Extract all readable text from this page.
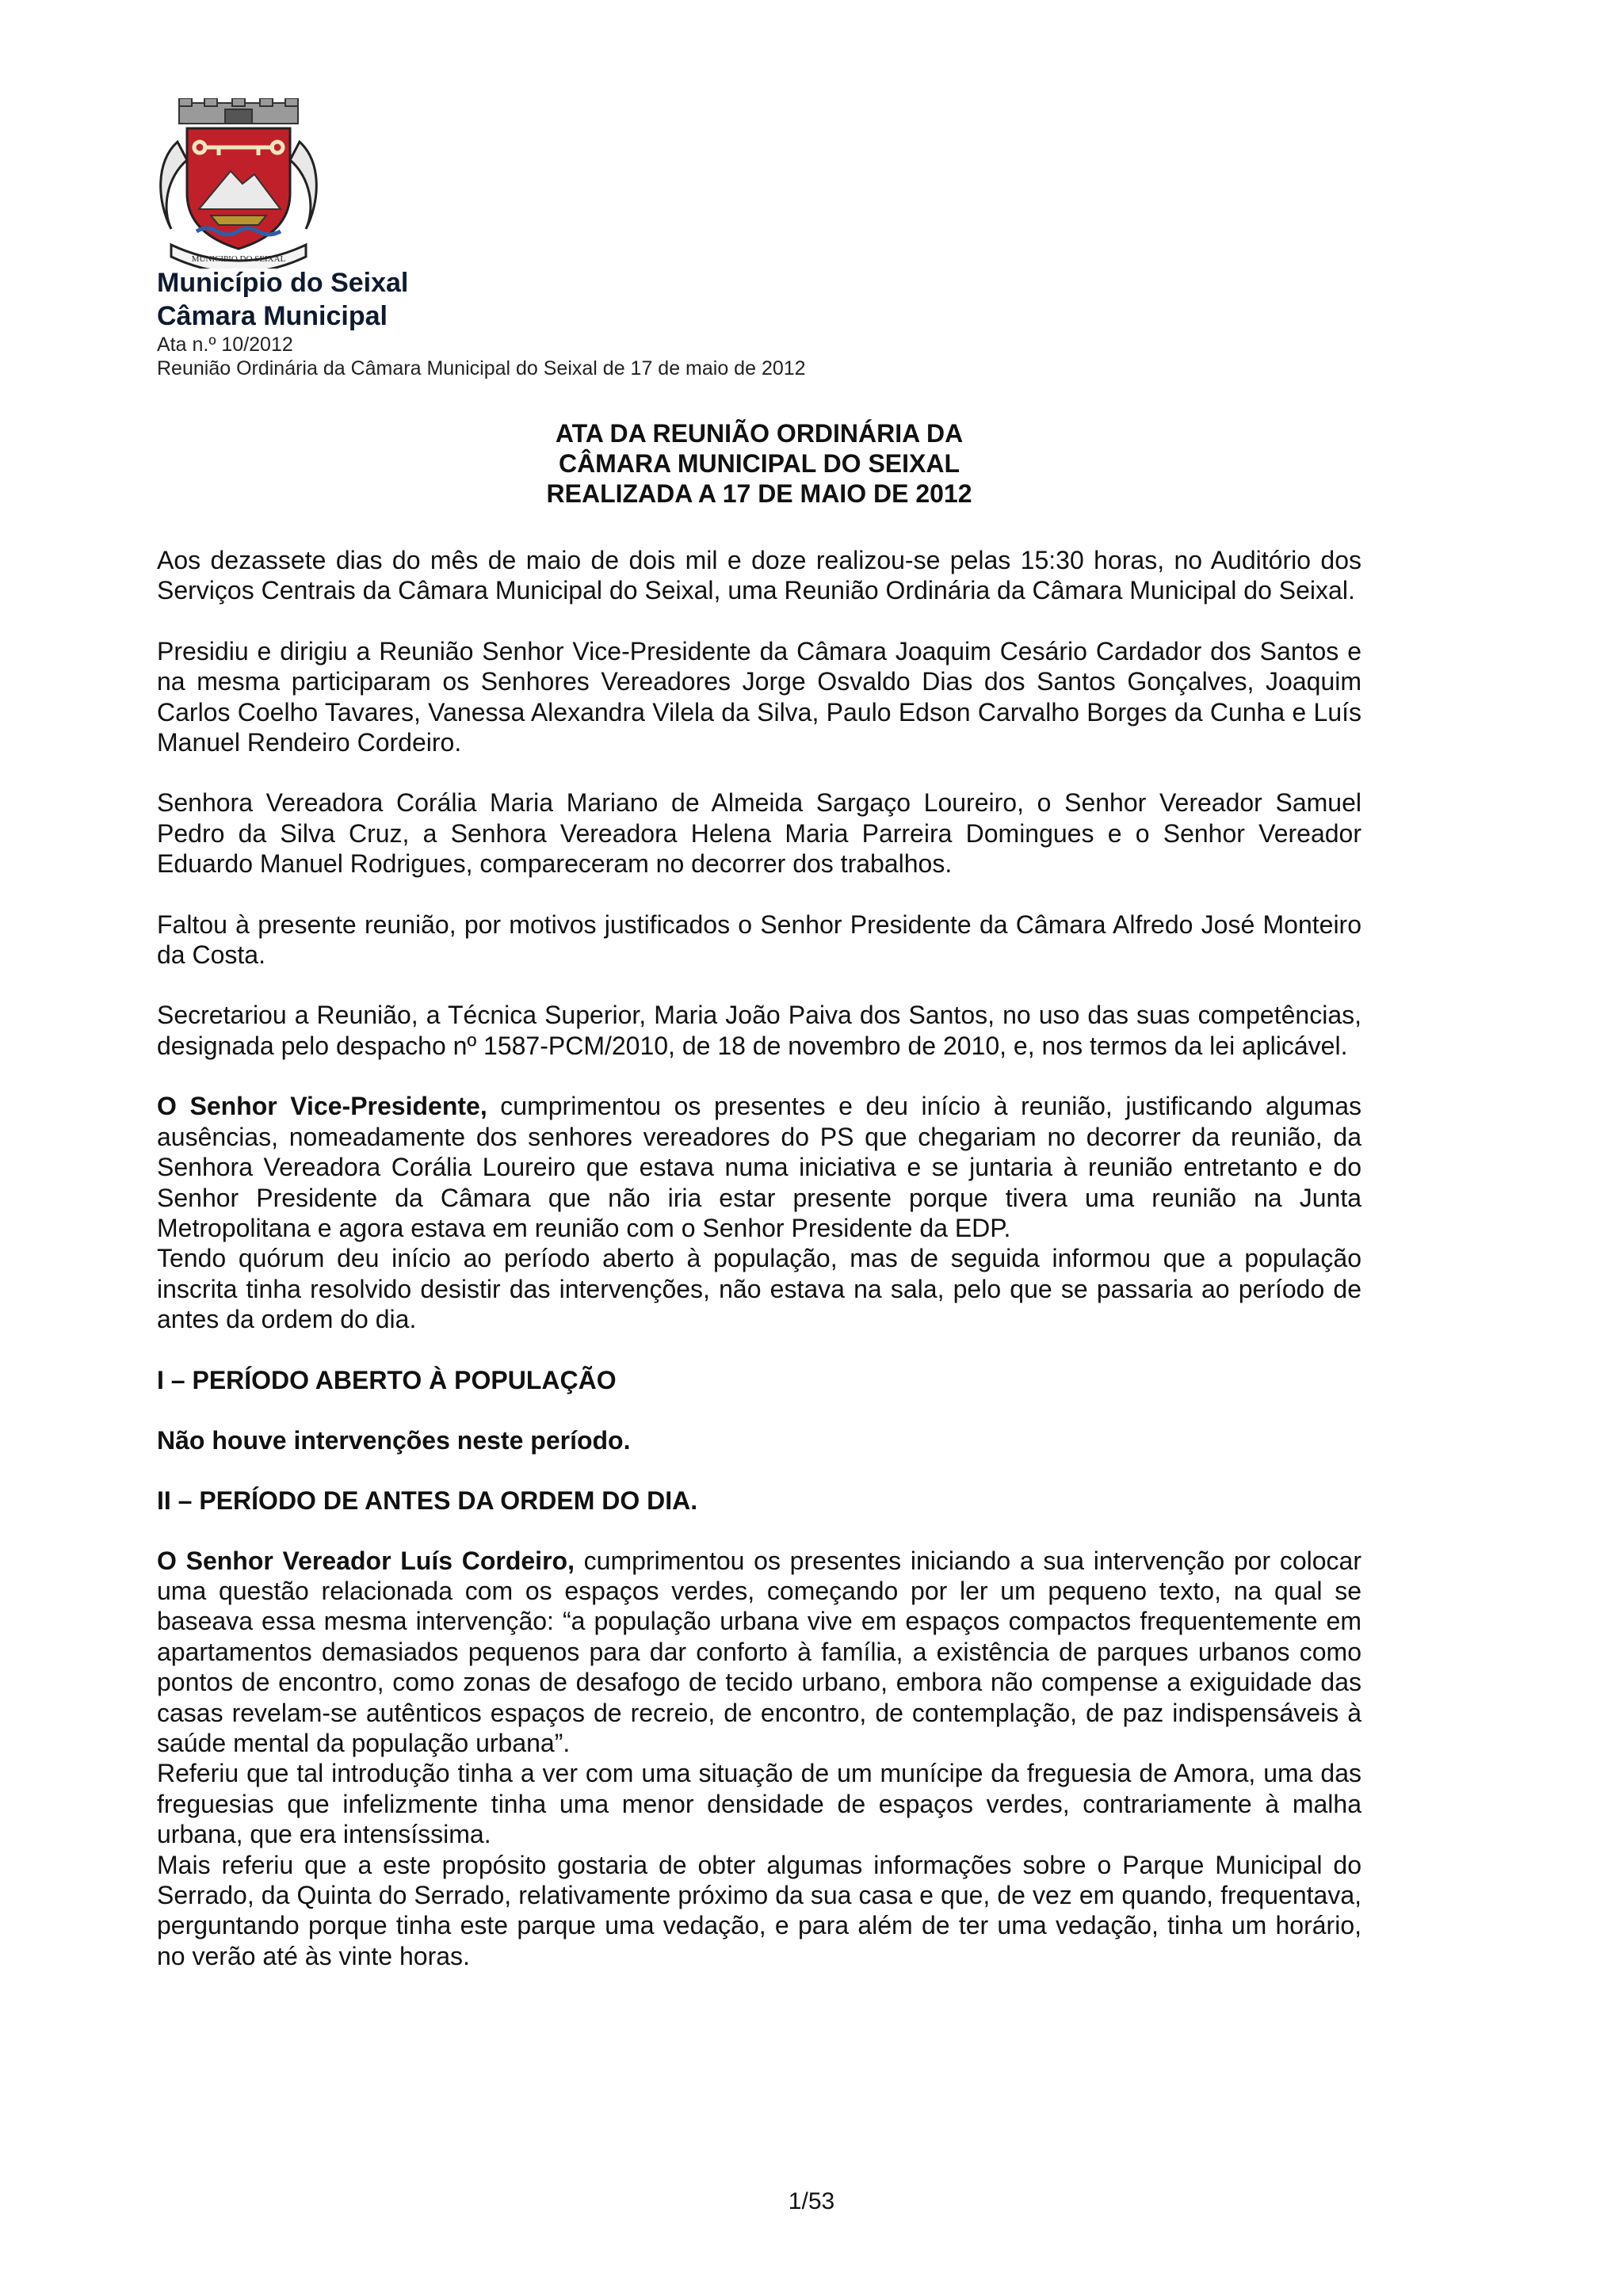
MUNICIPIO DO SEIXAL
Município do Seixal
Câmara Municipal
Ata n.º 10/2012
Reunião Ordinária da Câmara Municipal do Seixal de 17 de maio de 2012
ATA DA REUNIÃO ORDINÁRIA DA
CÂMARA MUNICIPAL DO SEIXAL
REALIZADA A 17 DE MAIO DE 2012

Aos dezassete dias do mês de maio de dois mil e doze realizou-se pelas 15:30 horas, no Auditório dos Serviços Centrais da Câmara Municipal do Seixal, uma Reunião Ordinária da Câmara Municipal do Seixal.

Presidiu e dirigiu a Reunião Senhor Vice-Presidente da Câmara Joaquim Cesário Cardador dos Santos e na mesma participaram os Senhores Vereadores Jorge Osvaldo Dias dos Santos Gonçalves, Joaquim Carlos Coelho Tavares, Vanessa Alexandra Vilela da Silva, Paulo Edson Carvalho Borges da Cunha e Luís Manuel Rendeiro Cordeiro.

Senhora Vereadora Corália Maria Mariano de Almeida Sargaço Loureiro, o Senhor Vereador Samuel Pedro da Silva Cruz, a Senhora Vereadora Helena Maria Parreira Domingues e o Senhor Vereador Eduardo Manuel Rodrigues, compareceram no decorrer dos trabalhos.

Faltou à presente reunião, por motivos justificados o Senhor Presidente da Câmara Alfredo José Monteiro da Costa.

Secretariou a Reunião, a Técnica Superior, Maria João Paiva dos Santos, no uso das suas competências, designada pelo despacho nº 1587-PCM/2010, de 18 de novembro de 2010, e, nos termos da lei aplicável.

O Senhor Vice-Presidente, cumprimentou os presentes e deu início à reunião, justificando algumas ausências, nomeadamente dos senhores vereadores do PS que chegariam no decorrer da reunião, da Senhora Vereadora Corália Loureiro que estava numa iniciativa e se juntaria à reunião entretanto e do Senhor Presidente da Câmara que não iria estar presente porque tivera uma reunião na Junta Metropolitana e agora estava em reunião com o Senhor Presidente da EDP.

Tendo quórum deu início ao período aberto à população, mas de seguida informou que a população inscrita tinha resolvido desistir das intervenções, não estava na sala, pelo que se passaria ao período de antes da ordem do dia.

I – PERÍODO ABERTO À POPULAÇÃO
Não houve intervenções neste período.
II – PERÍODO DE ANTES DA ORDEM DO DIA.

O Senhor Vereador Luís Cordeiro, cumprimentou os presentes iniciando a sua intervenção por colocar uma questão relacionada com os espaços verdes, começando por ler um pequeno texto, na qual se baseava essa mesma intervenção: “a população urbana vive em espaços compactos frequentemente em apartamentos demasiados pequenos para dar conforto à família, a existência de parques urbanos como pontos de encontro, como zonas de desafogo de tecido urbano, embora não compense a exiguidade das casas revelam-se autênticos espaços de recreio, de encontro, de contemplação, de paz indispensáveis à saúde mental da população urbana”.

Referiu que tal introdução tinha a ver com uma situação de um munícipe da freguesia de Amora, uma das freguesias que infelizmente tinha uma menor densidade de espaços verdes, contrariamente à malha urbana, que era intensíssima.

Mais referiu que a este propósito gostaria de obter algumas informações sobre o Parque Municipal do Serrado, da Quinta do Serrado, relativamente próximo da sua casa e que, de vez em quando, frequentava, perguntando porque tinha este parque uma vedação, e para além de ter uma vedação, tinha um horário, no verão até às vinte horas.

1/53
